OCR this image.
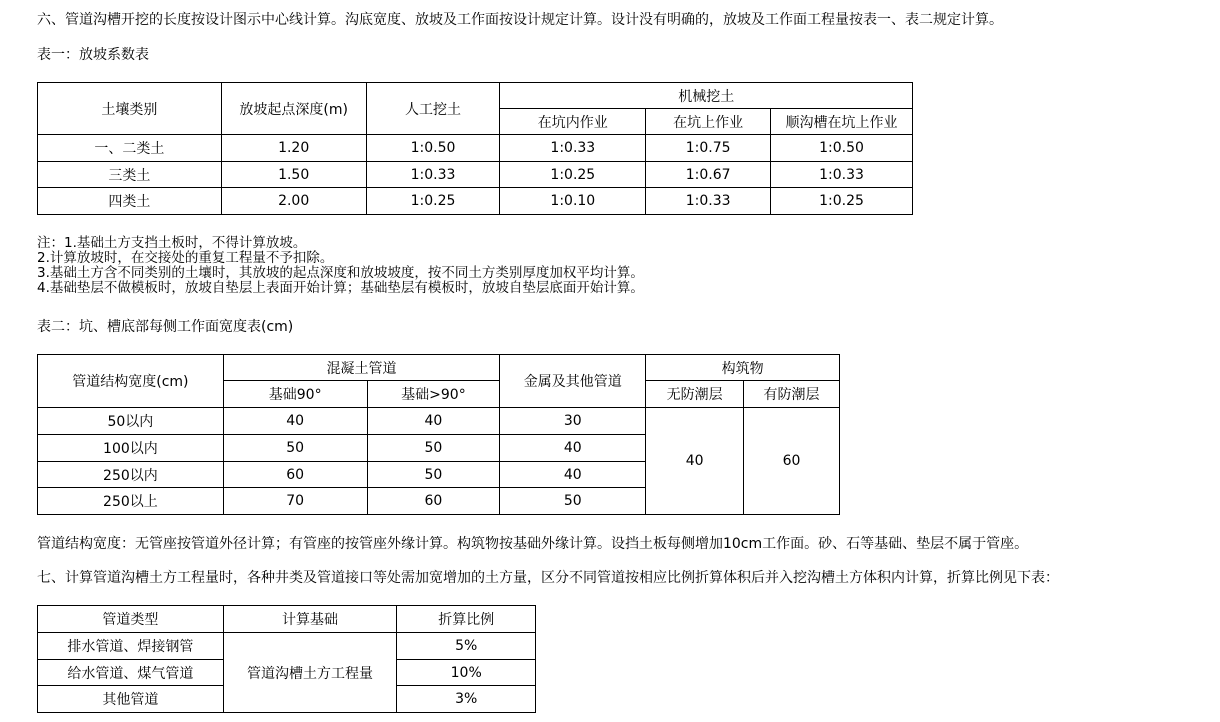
六、管道沟槽开挖的长度按设计图示中心线计算。沟底宽度、放坡及工作面按设计规定计算。设计没有明确的，放坡及工作面工程量按表一、表二规定计算。
表一：放坡系数表
土壤类别	放坡起点深度(m)	人工挖土	机械挖土		
			在坑内作业	在坑上作业	顺沟槽在坑上作业
一、二类土	1.20	1:0.50	1:0.33	1:0.75	1:0.50
三类土	1.50	1:0.33	1:0.25	1:0.67	1:0.33
四类土	2.00	1:0.25	1:0.10	1:0.33	1:0.25
注：1.基础土方支挡土板时，不得计算放坡。
2.计算放坡时，在交接处的重复工程量不予扣除。
3.基础土方含不同类别的土壤时，其放坡的起点深度和放坡坡度，按不同土方类别厚度加权平均计算。
4.基础垫层不做模板时，放坡自垫层上表面开始计算；基础垫层有模板时，放坡自垫层底面开始计算。
表二：坑、槽底部每侧工作面宽度表(cm)
管道结构宽度(cm)	混凝土管道		金属及其他管道	构筑物	
	基础90°	基础>90°		无防潮层	有防潮层
50以内	40	40	30	40	60
100以内	50	50	40		
250以内	60	50	40		
250以上	70	60	50		
管道结构宽度：无管座按管道外径计算；有管座的按管座外缘计算。构筑物按基础外缘计算。设挡土板每侧增加10cm工作面。砂、石等基础、垫层不属于管座。
七、计算管道沟槽土方工程量时，各种井类及管道接口等处需加宽增加的土方量，区分不同管道按相应比例折算体积后并入挖沟槽土方体积内计算，折算比例见下表：
管道类型	计算基础	折算比例
排水管道、焊接钢管	管道沟槽土方工程量	5%
给水管道、煤气管道		10%
其他管道		3%
